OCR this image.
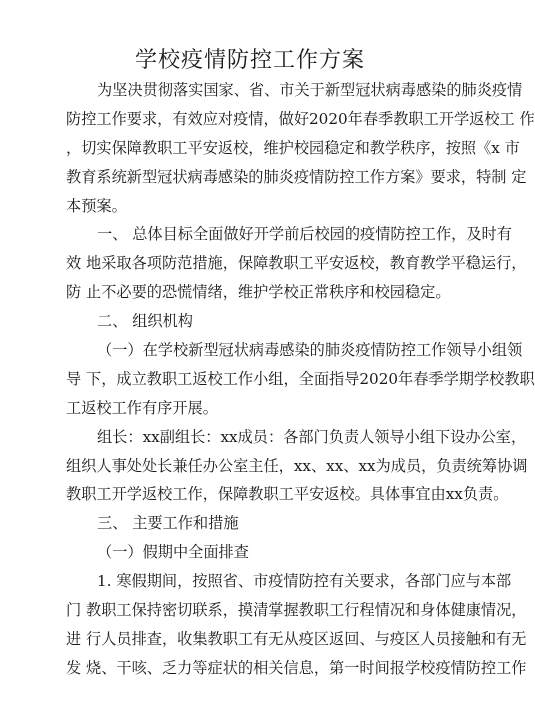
学校疫情防控工作方案
为坚决贯彻落实国家、省、市关于新型冠状病毒感染的肺炎疫情
防控工作要求，有效应对疫情，做好2020年春季教职工开学返校工 作
，切实保障教职工平安返校，维护校园稳定和教学秩序，按照《x 市
教育系统新型冠状病毒感染的肺炎疫情防控工作方案》要求，特制 定
本预案。
一、 总体目标全面做好开学前后校园的疫情防控工作，及时有
效 地采取各项防范措施，保障教职工平安返校，教育教学平稳运行，
防 止不必要的恐慌情绪，维护学校正常秩序和校园稳定。
二、 组织机构
（一）在学校新型冠状病毒感染的肺炎疫情防控工作领导小组领
导 下，成立教职工返校工作小组，全面指导2020年春季学期学校教职
工返校工作有序开展。
组长：xx副组长：xx成员：各部门负责人领导小组下设办公室，
组织人事处处长兼任办公室主任，xx、xx、xx为成员，负责统筹协调
教职工开学返校工作，保障教职工平安返校。具体事宜由xx负责。
三、 主要工作和措施
（一）假期中全面排查
1. 寒假期间，按照省、市疫情防控有关要求，各部门应与本部
门 教职工保持密切联系，摸清掌握教职工行程情况和身体健康情况，
进 行人员排查，收集教职工有无从疫区返回、与疫区人员接触和有无
发 烧、干咳、乏力等症状的相关信息，第一时间报学校疫情防控工作
